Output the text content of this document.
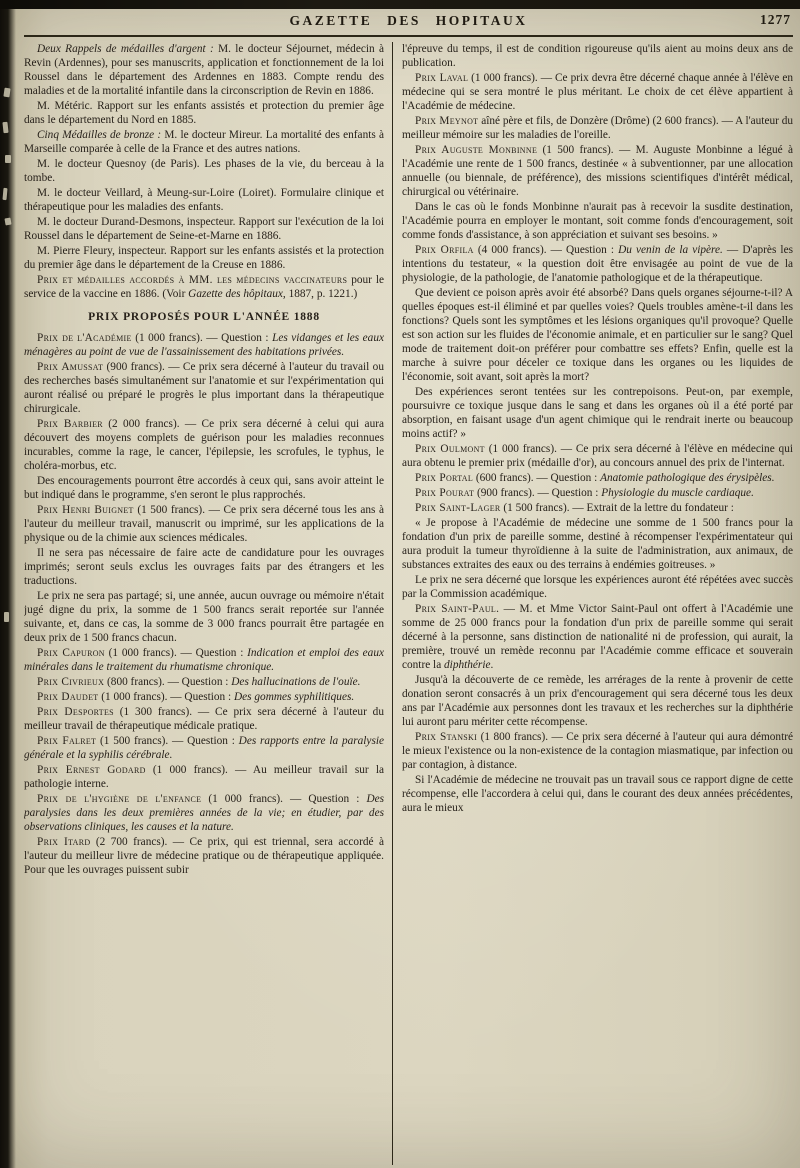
GAZETTE DES HOPITAUX	1277

Deux Rappels de médailles d'argent : M. le docteur Séjournet, médecin à Revin (Ardennes), pour ses manuscrits, application et fonctionnement de la loi Roussel dans le département des Ardennes en 1883. Compte rendu des maladies et de la mortalité infantile dans la circonscription de Revin en 1886.

M. Météric. Rapport sur les enfants assistés et protection du premier âge dans le département du Nord en 1885.

Cinq Médailles de bronze : M. le docteur Mireur. La mortalité des enfants à Marseille comparée à celle de la France et des autres nations.

M. le docteur Quesnoy (de Paris). Les phases de la vie, du berceau à la tombe.

M. le docteur Veillard, à Meung-sur-Loire (Loiret). Formulaire clinique et thérapeutique pour les maladies des enfants.

M. le docteur Durand-Desmons, inspecteur. Rapport sur l'exécution de la loi Roussel dans le département de Seine-et-Marne en 1886.

M. Pierre Fleury, inspecteur. Rapport sur les enfants assistés et la protection du premier âge dans le département de la Creuse en 1886.

Prix et médailles accordés à MM. les médecins vaccinateurs pour le service de la vaccine en 1886. (Voir Gazette des hôpitaux, 1887, p. 1221.)

PRIX PROPOSÉS POUR L'ANNÉE 1888

Prix de l'Académie (1 000 francs). — Question : Les vidanges et les eaux ménagères au point de vue de l'assainissement des habitations privées.

Prix Amussat (900 francs). — Ce prix sera décerné à l'auteur du travail ou des recherches basés simultanément sur l'anatomie et sur l'expérimentation qui auront réalisé ou préparé le progrès le plus important dans la thérapeutique chirurgicale.

Prix Barbier (2 000 francs). — Ce prix sera décerné à celui qui aura découvert des moyens complets de guérison pour les maladies reconnues incurables, comme la rage, le cancer, l'épilepsie, les scrofules, le typhus, le choléra-morbus, etc.

Des encouragements pourront être accordés à ceux qui, sans avoir atteint le but indiqué dans le programme, s'en seront le plus rapprochés.

Prix Henri Buignet (1 500 francs). — Ce prix sera décerné tous les ans à l'auteur du meilleur travail, manuscrit ou imprimé, sur les applications de la physique ou de la chimie aux sciences médicales.

Il ne sera pas nécessaire de faire acte de candidature pour les ouvrages imprimés; seront seuls exclus les ouvrages faits par des étrangers et les traductions.

Le prix ne sera pas partagé; si, une année, aucun ouvrage ou mémoire n'était jugé digne du prix, la somme de 1 500 francs serait reportée sur l'année suivante, et, dans ce cas, la somme de 3 000 francs pourrait être partagée en deux prix de 1 500 francs chacun.

Prix Capuron (1 000 francs). — Question : Indication et emploi des eaux minérales dans le traitement du rhumatisme chronique.

Prix Civrieux (800 francs). — Question : Des hallucinations de l'ouïe.

Prix Daudet (1 000 francs). — Question : Des gommes syphilitiques.

Prix Desportes (1 300 francs). — Ce prix sera décerné à l'auteur du meilleur travail de thérapeutique médicale pratique.

Prix Falret (1 500 francs). — Question : Des rapports entre la paralysie générale et la syphilis cérébrale.

Prix Ernest Godard (1 000 francs). — Au meilleur travail sur la pathologie interne.

Prix de l'hygiène de l'enfance (1 000 francs). — Question : Des paralysies dans les deux premières années de la vie; en étudier, par des observations cliniques, les causes et la nature.

Prix Itard (2 700 francs). — Ce prix, qui est triennal, sera accordé à l'auteur du meilleur livre de médecine pratique ou de thérapeutique appliquée. Pour que les ouvrages puissent subir

l'épreuve du temps, il est de condition rigoureuse qu'ils aient au moins deux ans de publication.

Prix Laval (1 000 francs). — Ce prix devra être décerné chaque année à l'élève en médecine qui se sera montré le plus méritant. Le choix de cet élève appartient à l'Académie de médecine.

Prix Meynot aîné père et fils, de Donzère (Drôme) (2 600 francs). — A l'auteur du meilleur mémoire sur les maladies de l'oreille.

Prix Auguste Monbinne (1 500 francs). — M. Auguste Monbinne a légué à l'Académie une rente de 1 500 francs, destinée « à subventionner, par une allocation annuelle (ou biennale, de préférence), des missions scientifiques d'intérêt médical, chirurgical ou vétérinaire.

Dans le cas où le fonds Monbinne n'aurait pas à recevoir la susdite destination, l'Académie pourra en employer le montant, soit comme fonds d'encouragement, soit comme fonds d'assistance, à son appréciation et suivant ses besoins. »

Prix Orfila (4 000 francs). — Question : Du venin de la vipère. — D'après les intentions du testateur, « la question doit être envisagée au point de vue de la physiologie, de la pathologie, de l'anatomie pathologique et de la thérapeutique.

Que devient ce poison après avoir été absorbé? Dans quels organes séjourne-t-il? A quelles époques est-il éliminé et par quelles voies? Quels troubles amène-t-il dans les fonctions? Quels sont les symptômes et les lésions organiques qu'il provoque? Quelle est son action sur les fluides de l'économie animale, et en particulier sur le sang? Quel mode de traitement doit-on préférer pour combattre ses effets? Enfin, quelle est la marche à suivre pour déceler ce toxique dans les organes ou les liquides de l'économie, soit avant, soit après la mort?

Des expériences seront tentées sur les contrepoisons. Peut-on, par exemple, poursuivre ce toxique jusque dans le sang et dans les organes où il a été porté par absorption, en faisant usage d'un agent chimique qui le rendrait inerte ou beaucoup moins actif? »

Prix Oulmont (1 000 francs). — Ce prix sera décerné à l'élève en médecine qui aura obtenu le premier prix (médaille d'or), au concours annuel des prix de l'internat.

Prix Portal (600 francs). — Question : Anatomie pathologique des érysipèles.

Prix Pourat (900 francs). — Question : Physiologie du muscle cardiaque.

Prix Saint-Lager (1 500 francs). — Extrait de la lettre du fondateur :

« Je propose à l'Académie de médecine une somme de 1 500 francs pour la fondation d'un prix de pareille somme, destiné à récompenser l'expérimentateur qui aura produit la tumeur thyroïdienne à la suite de l'administration, aux animaux, de substances extraites des eaux ou des terrains à endémies goitreuses. »

Le prix ne sera décerné que lorsque les expériences auront été répétées avec succès par la Commission académique.

Prix Saint-Paul. — M. et Mme Victor Saint-Paul ont offert à l'Académie une somme de 25 000 francs pour la fondation d'un prix de pareille somme qui serait décerné à la personne, sans distinction de nationalité ni de profession, qui aurait, la première, trouvé un remède reconnu par l'Académie comme efficace et souverain contre la diphthérie.

Jusqu'à la découverte de ce remède, les arrérages de la rente à provenir de cette donation seront consacrés à un prix d'encouragement qui sera décerné tous les deux ans par l'Académie aux personnes dont les travaux et les recherches sur la diphthérie lui auront paru mériter cette récompense.

Prix Stanski (1 800 francs). — Ce prix sera décerné à l'auteur qui aura démontré le mieux l'existence ou la non-existence de la contagion miasmatique, par infection ou par contagion, à distance.

Si l'Académie de médecine ne trouvait pas un travail sous ce rapport digne de cette récompense, elle l'accordera à celui qui, dans le courant des deux années précédentes, aura le mieux
